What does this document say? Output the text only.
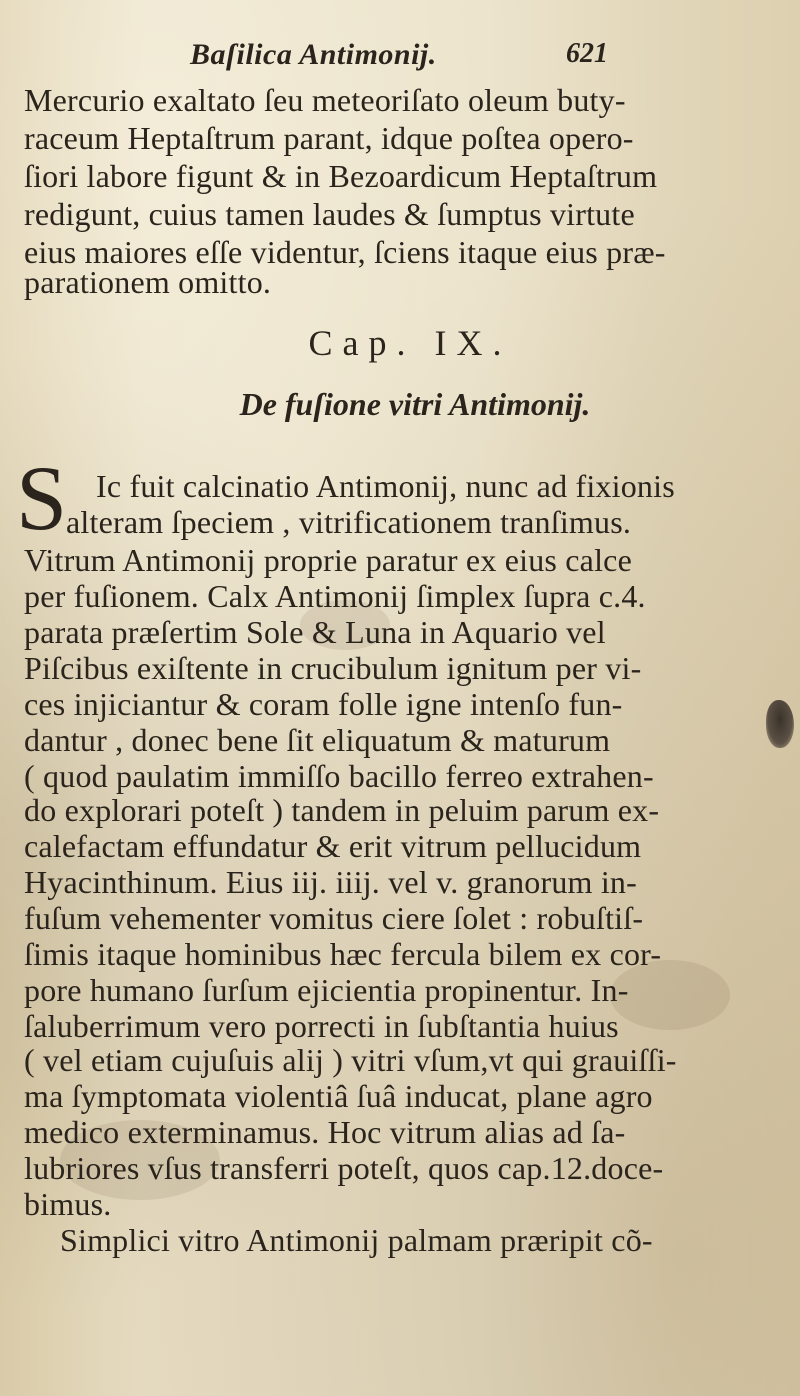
Baſilica Antimonij.	621
Mercurio exaltato ſeu meteoriſato oleum buty-
raceum Heptaſtrum parant, idque poſtea opero-
ſiori labore figunt & in Bezoardicum Heptaſtrum
redigunt, cuius tamen laudes & ſumptus virtute
eius maiores eſſe videntur, ſciens itaque eius præ-
parationem omitto.
Cap. IX.
De fuſione vitri Antimonij.
S Ic fuit calcinatio Antimonij, nunc ad fixionis
alteram ſpeciem , vitrificationem tranſimus.
Vitrum Antimonij proprie paratur ex eius calce
per fuſionem. Calx Antimonij ſimplex ſupra c.4.
parata præſertim Sole & Luna in Aquario vel
Piſcibus exiſtente in crucibulum ignitum per vi-
ces injiciantur & coram folle igne intenſo fun-
dantur , donec bene ſit eliquatum & maturum
( quod paulatim immiſſo bacillo ferreo extrahen-
do explorari poteſt ) tandem in peluim parum ex-
calefactam effundatur & erit vitrum pellucidum
Hyacinthinum. Eius iij. iiij. vel v. granorum in-
fuſum vehementer vomitus ciere ſolet : robuſtiſ-
ſimis itaque hominibus hæc fercula bilem ex cor-
pore humano ſurſum ejicientia propinentur. In-
ſaluberrimum vero porrecti in ſubſtantia huius
( vel etiam cujuſuis alij ) vitri vſum,vt qui grauiſſi-
ma ſymptomata violentiâ ſuâ inducat, plane agro
medico exterminamus. Hoc vitrum alias ad ſa-
lubriores vſus transferri poteſt, quos cap.12.doce-
bimus.
Simplici vitro Antimonij palmam præripit cõ-
